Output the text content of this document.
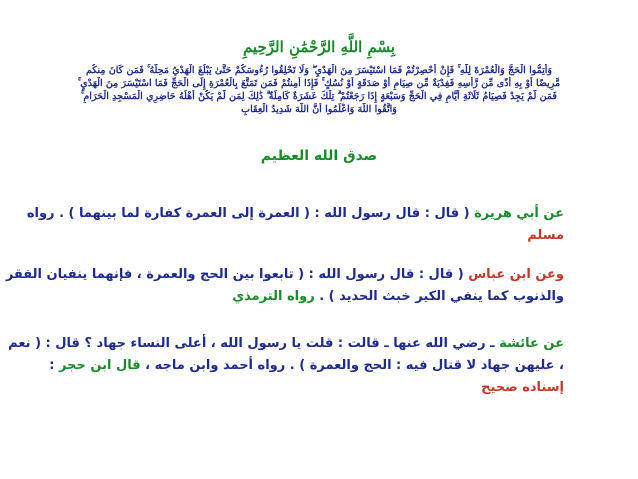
بِسْمِ اللَّهِ الرَّحْمَٰنِ الرَّحِيمِ
وَأَتِمُّوا الْحَجَّ وَالْعُمْرَةَ لِلَّهِ ۚ فَإِنْ أُحْصِرْتُمْ فَمَا اسْتَيْسَرَ مِنَ الْهَدْيِ ۖ وَلَا تَحْلِقُوا رُءُوسَكُمْ حَتَّىٰ يَبْلُغَ الْهَدْيُ مَحِلَّهُ ۚ فَمَن كَانَ مِنكُم
مَّرِيضًا أَوْ بِهِ أَذًى مِّن رَّأْسِهِ فَفِدْيَةٌ مِّن صِيَامٍ أَوْ صَدَقَةٍ أَوْ نُسُكٍ ۚ فَإِذَا أَمِنتُمْ فَمَن تَمَتَّعَ بِالْعُمْرَةِ إِلَى الْحَجِّ فَمَا اسْتَيْسَرَ مِنَ الْهَدْيِ ۚ
فَمَن لَّمْ يَجِدْ فَصِيَامُ ثَلَاثَةِ أَيَّامٍ فِي الْحَجِّ وَسَبْعَةٍ إِذَا رَجَعْتُمْ ۗ تِلْكَ عَشَرَةٌ كَامِلَةٌ ۗ ذَٰلِكَ لِمَن لَّمْ يَكُنْ أَهْلُهُ حَاضِرِي الْمَسْجِدِ الْحَرَامِ ۚ
وَاتَّقُوا اللَّهَ وَاعْلَمُوا أَنَّ اللَّهَ شَدِيدُ الْعِقَابِ
صدق الله العظيم
عن أبي هريرة ( قال : قال رسول الله : ( العمرة إلى العمرة كفارة لما بينهما ) . رواه
مسلم
وعن ابن عباس ( قال : قال رسول الله : ( تابعوا بين الحج والعمرة ، فإنهما ينفيان الفقر
والذنوب كما ينفي الكير خبث الحديد ) . رواه الترمذي
عن عائشة ـ رضي الله عنها ـ قالت : قلت يا رسول الله ، أعلى النساء جهاد ؟ قال : ( نعم
، عليهن جهاد لا قتال فيه : الحج والعمرة ) . رواه أحمد وابن ماجه ، قال ابن حجر :
إسناده صحيح
